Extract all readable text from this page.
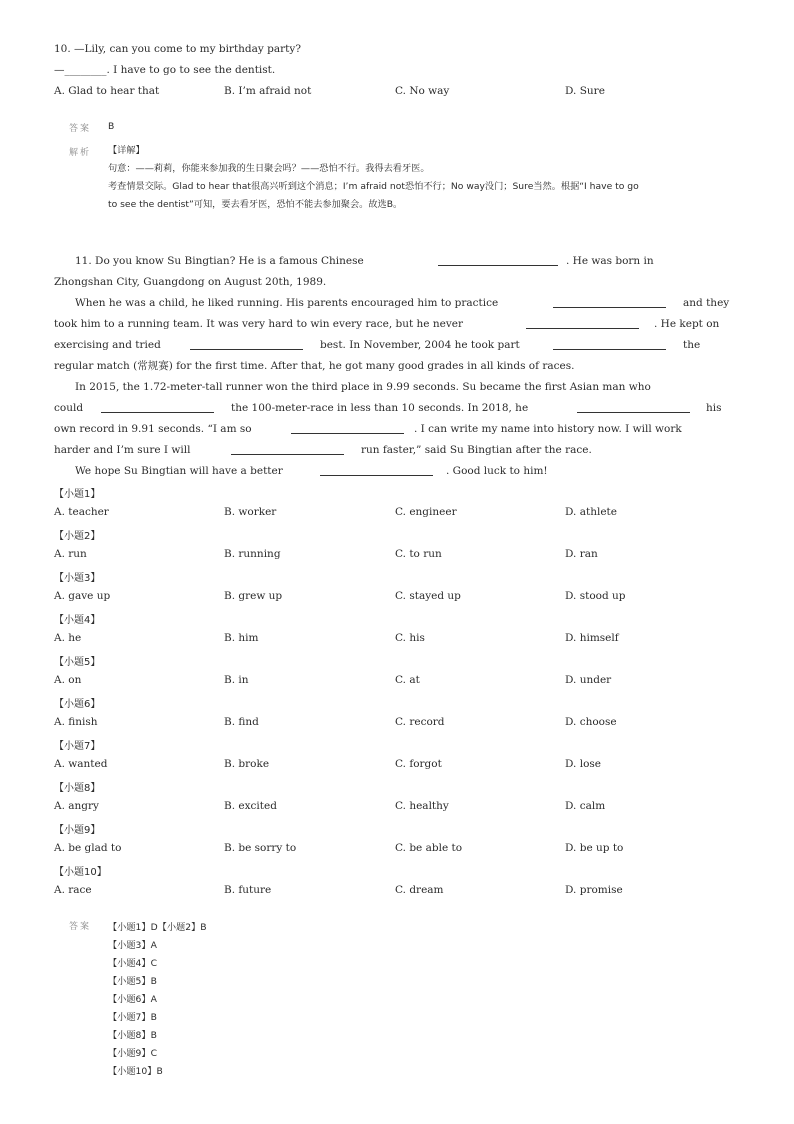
10. —Lily, can you come to my birthday party?
—________. I have to go to see the dentist.
A. Glad to hear that	B. I’m afraid not	C. No way	D. Sure
答案 B
解析 【详解】
句意：——莉莉，你能来参加我的生日聚会吗？——恐怕不行。我得去看牙医。
考查情景交际。Glad to hear that很高兴听到这个消息；I’m afraid not恐怕不行；No way没门；Sure当然。根据“I have to go
to see the dentist”可知，要去看牙医，恐怕不能去参加聚会。故选B。
11. Do you know Su Bingtian? He is a famous Chinese	. He was born in
Zhongshan City, Guangdong on August 20th, 1989.
When he was a child, he liked running. His parents encouraged him to practice	and they
took him to a running team. It was very hard to win every race, but he never	. He kept on
exercising and tried	best. In November, 2004 he took part	the
regular match (常规赛) for the first time. After that, he got many good grades in all kinds of races.
In 2015, the 1.72-meter-tall runner won the third place in 9.99 seconds. Su became the first Asian man who
could	the 100-meter-race in less than 10 seconds. In 2018, he	his
own record in 9.91 seconds. “I am so	. I can write my name into history now. I will work
harder and I’m sure I will	run faster,” said Su Bingtian after the race.
We hope Su Bingtian will have a better	. Good luck to him!
【小题1】
A. teacher	B. worker	C. engineer	D. athlete
【小题2】
A. run	B. running	C. to run	D. ran
【小题3】
A. gave up	B. grew up	C. stayed up	D. stood up
【小题4】
A. he	B. him	C. his	D. himself
【小题5】
A. on	B. in	C. at	D. under
【小题6】
A. finish	B. find	C. record	D. choose
【小题7】
A. wanted	B. broke	C. forgot	D. lose
【小题8】
A. angry	B. excited	C. healthy	D. calm
【小题9】
A. be glad to	B. be sorry to	C. be able to	D. be up to
【小题10】
A. race	B. future	C. dream	D. promise
答案 【小题1】D【小题2】B
【小题3】A
【小题4】C
【小题5】B
【小题6】A
【小题7】B
【小题8】B
【小题9】C
【小题10】B
